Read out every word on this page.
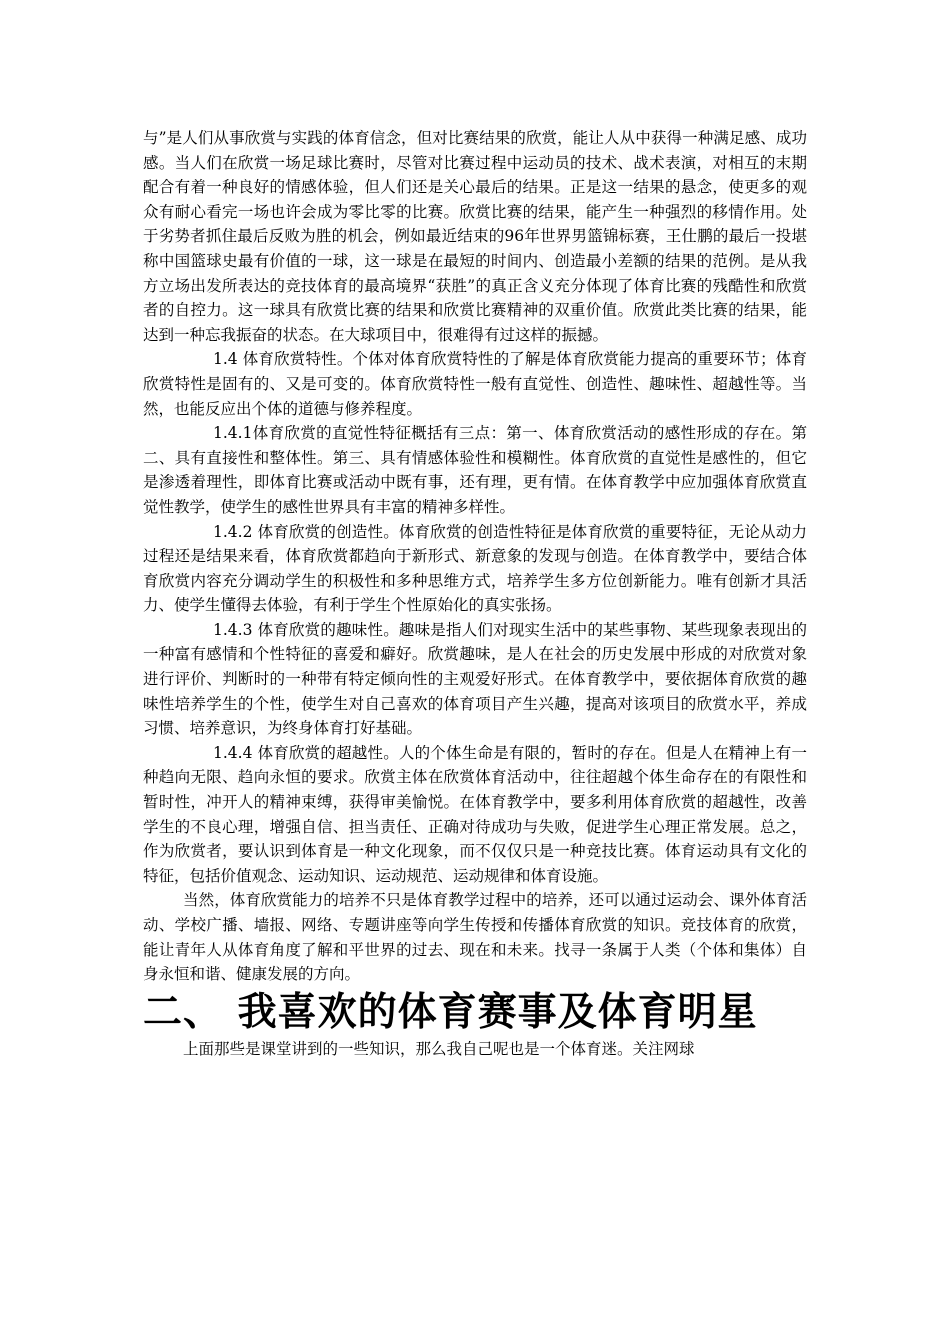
与”是人们从事欣赏与实践的体育信念，但对比赛结果的欣赏，能让人从中获得一种满足感、成功感。当人们在欣赏一场足球比赛时，尽管对比赛过程中运动员的技术、战术表演，对相互的末期配合有着一种良好的情感体验，但人们还是关心最后的结果。正是这一结果的悬念，使更多的观众有耐心看完一场也许会成为零比零的比赛。欣赏比赛的结果，能产生一种强烈的移情作用。处于劣势者抓住最后反败为胜的机会，例如最近结束的96年世界男篮锦标赛，王仕鹏的最后一投堪称中国篮球史最有价值的一球，这一球是在最短的时间内、创造最小差额的结果的范例。是从我方立场出发所表达的竞技体育的最高境界“获胜”的真正含义充分体现了体育比赛的残酷性和欣赏者的自控力。这一球具有欣赏比赛的结果和欣赏比赛精神的双重价值。欣赏此类比赛的结果，能达到一种忘我振奋的状态。在大球项目中，很难得有过这样的振撼。

1.4 体育欣赏特性。个体对体育欣赏特性的了解是体育欣赏能力提高的重要环节；体育欣赏特性是固有的、又是可变的。体育欣赏特性一般有直觉性、创造性、趣味性、超越性等。当然，也能反应出个体的道德与修养程度。

1.4.1体育欣赏的直觉性特征概括有三点：第一、体育欣赏活动的感性形成的存在。第二、具有直接性和整体性。第三、具有情感体验性和模糊性。体育欣赏的直觉性是感性的，但它是渗透着理性，即体育比赛或活动中既有事，还有理，更有情。在体育教学中应加强体育欣赏直觉性教学，使学生的感性世界具有丰富的精神多样性。

1.4.2 体育欣赏的创造性。体育欣赏的创造性特征是体育欣赏的重要特征，无论从动力过程还是结果来看，体育欣赏都趋向于新形式、新意象的发现与创造。在体育教学中，要结合体育欣赏内容充分调动学生的积极性和多种思维方式，培养学生多方位创新能力。唯有创新才具活力、使学生懂得去体验，有利于学生个性原始化的真实张扬。

1.4.3 体育欣赏的趣味性。趣味是指人们对现实生活中的某些事物、某些现象表现出的一种富有感情和个性特征的喜爱和癖好。欣赏趣味，是人在社会的历史发展中形成的对欣赏对象进行评价、判断时的一种带有特定倾向性的主观爱好形式。在体育教学中，要依据体育欣赏的趣味性培养学生的个性，使学生对自己喜欢的体育项目产生兴趣，提高对该项目的欣赏水平，养成习惯、培养意识，为终身体育打好基础。

1.4.4 体育欣赏的超越性。人的个体生命是有限的，暂时的存在。但是人在精神上有一种趋向无限、趋向永恒的要求。欣赏主体在欣赏体育活动中，往往超越个体生命存在的有限性和暂时性，冲开人的精神束缚，获得审美愉悦。在体育教学中，要多利用体育欣赏的超越性，改善学生的不良心理，增强自信、担当责任、正确对待成功与失败，促进学生心理正常发展。总之，作为欣赏者，要认识到体育是一种文化现象，而不仅仅只是一种竞技比赛。体育运动具有文化的特征，包括价值观念、运动知识、运动规范、运动规律和体育设施。

当然，体育欣赏能力的培养不只是体育教学过程中的培养，还可以通过运动会、课外体育活动、学校广播、墙报、网络、专题讲座等向学生传授和传播体育欣赏的知识。竞技体育的欣赏，能让青年人从体育角度了解和平世界的过去、现在和未来。找寻一条属于人类（个体和集体）自身永恒和谐、健康发展的方向。

二、 我喜欢的体育赛事及体育明星

上面那些是课堂讲到的一些知识，那么我自己呢也是一个体育迷。关注网球
